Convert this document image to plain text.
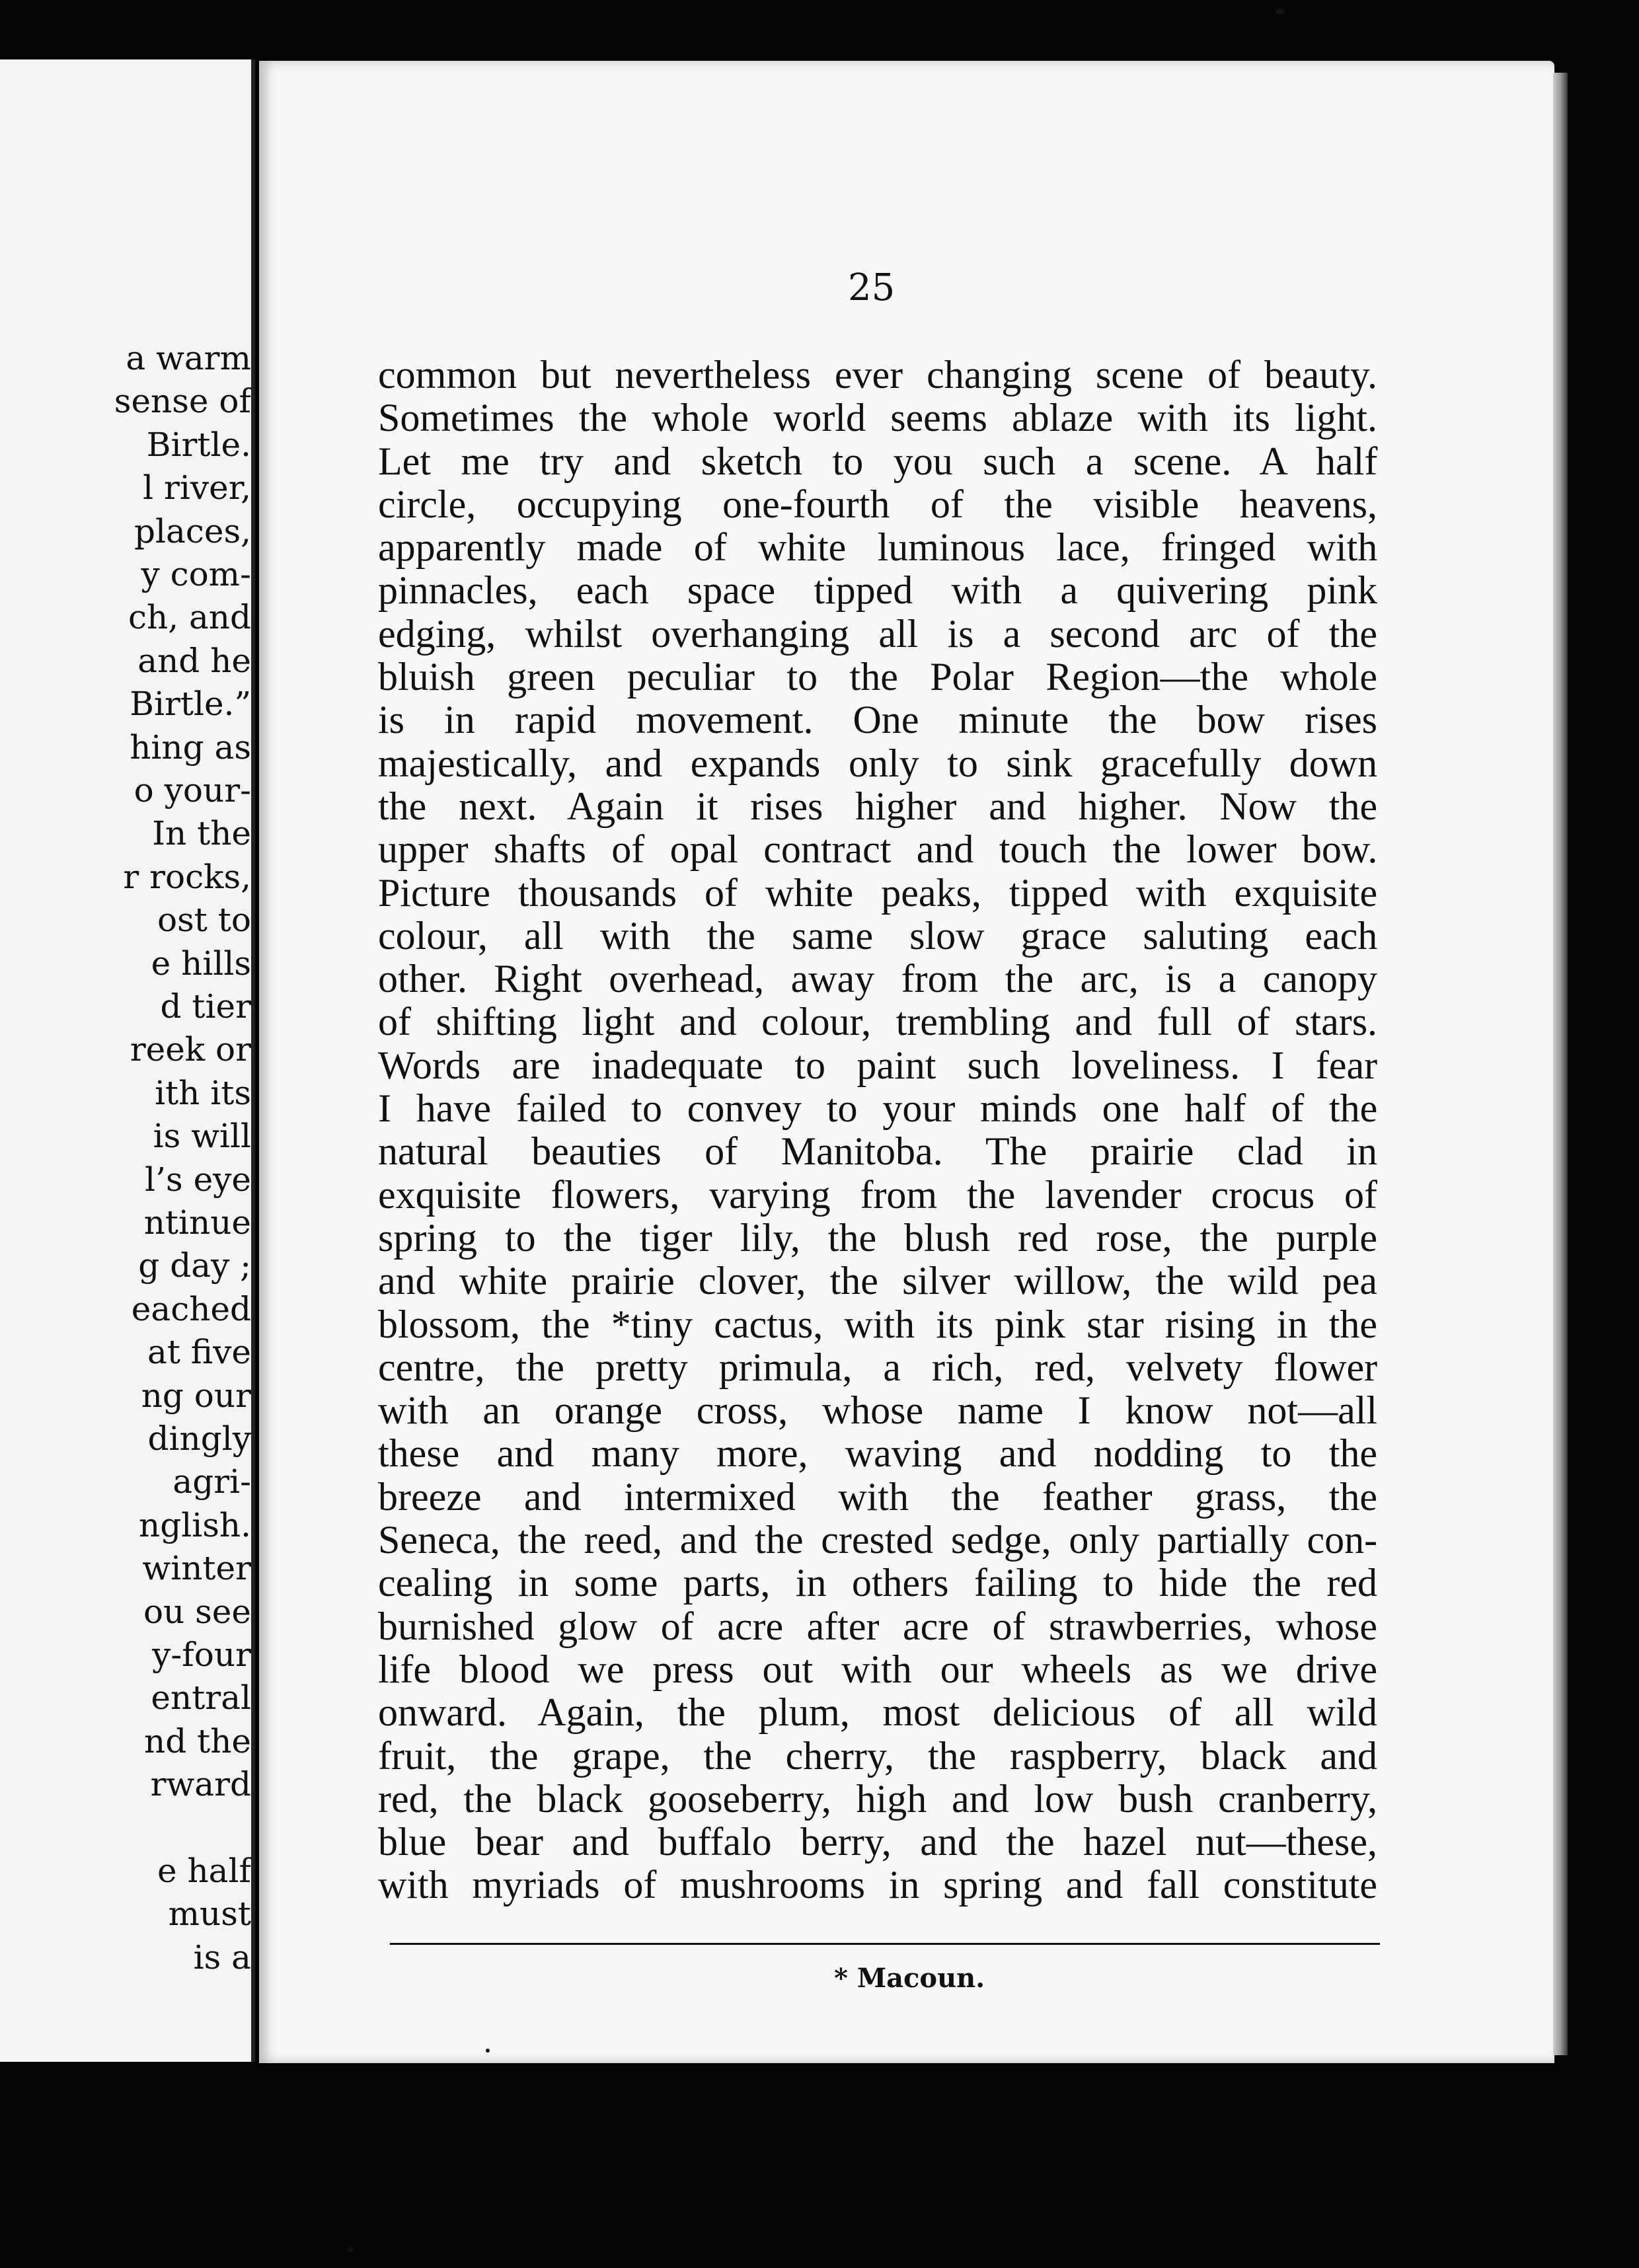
a warm
sense of
Birtle.
l river,
places,
y com-
ch, and
and he
Birtle.”
hing as
o your-
In the
r rocks,
ost to
e hills
d tier
reek or
ith its
is will
l’s eye
ntinue
g day ;
eached
at five
ng our
dingly
agri-
nglish.
winter
ou see
y-four
entral
nd the
rward
e half
must
is a
25
common but nevertheless ever changing scene of beauty.
Sometimes the whole world seems ablaze with its light.
Let me try and sketch to you such a scene. A half
circle, occupying one-fourth of the visible heavens,
apparently made of white luminous lace, fringed with
pinnacles, each space tipped with a quivering pink
edging, whilst overhanging all is a second arc of the
bluish green peculiar to the Polar Region—the whole
is in rapid movement. One minute the bow rises
majestically, and expands only to sink gracefully down
the next. Again it rises higher and higher. Now the
upper shafts of opal contract and touch the lower bow.
Picture thousands of white peaks, tipped with exquisite
colour, all with the same slow grace saluting each
other. Right overhead, away from the arc, is a canopy
of shifting light and colour, trembling and full of stars.
Words are inadequate to paint such loveliness. I fear
I have failed to convey to your minds one half of the
natural beauties of Manitoba. The prairie clad in
exquisite flowers, varying from the lavender crocus of
spring to the tiger lily, the blush red rose, the purple
and white prairie clover, the silver willow, the wild pea
blossom, the *tiny cactus, with its pink star rising in the
centre, the pretty primula, a rich, red, velvety flower
with an orange cross, whose name I know not—all
these and many more, waving and nodding to the
breeze and intermixed with the feather grass, the
Seneca, the reed, and the crested sedge, only partially con-
cealing in some parts, in others failing to hide the red
burnished glow of acre after acre of strawberries, whose
life blood we press out with our wheels as we drive
onward. Again, the plum, most delicious of all wild
fruit, the grape, the cherry, the raspberry, black and
red, the black gooseberry, high and low bush cranberry,
blue bear and buffalo berry, and the hazel nut—these,
with myriads of mushrooms in spring and fall constitute
* Macoun.
